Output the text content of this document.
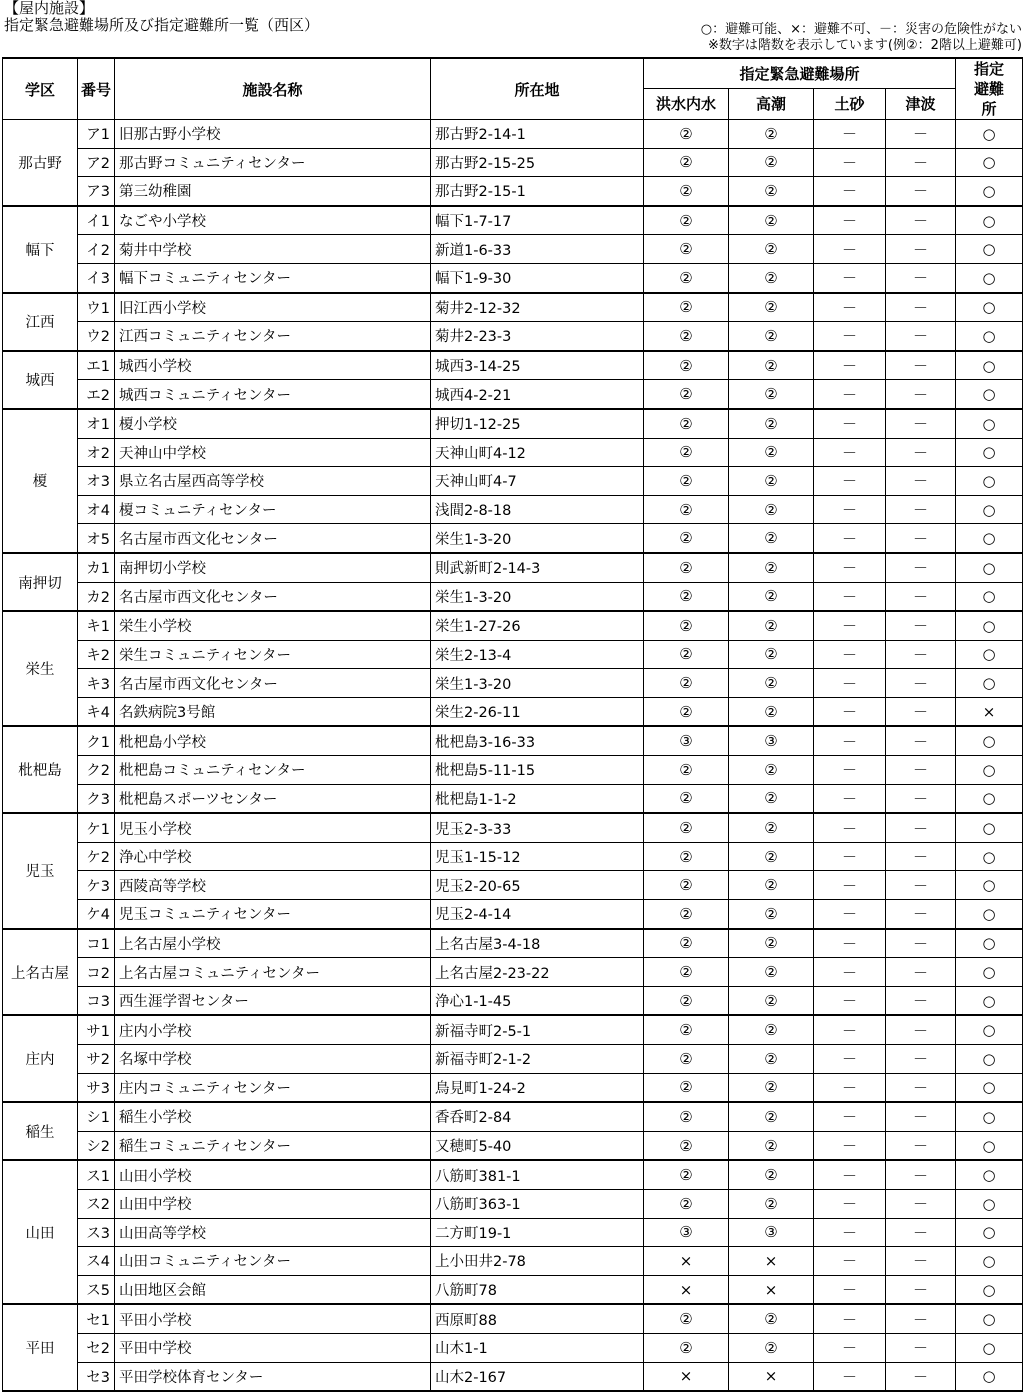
【屋内施設】
指定緊急避難場所及び指定避難所一覧（西区）	○：避難可能、×：避難不可、－：災害の危険性がない
※数字は階数を表示しています(例②：2階以上避難可)
学区	番号	施設名称	所在地	指定緊急避難場所				指定避難所
				洪水内水	高潮	土砂	津波	
那古野	ア1	旧那古野小学校	那古野2-14-1	②	②	－	－	○
	ア2	那古野コミュニティセンター	那古野2-15-25	②	②	－	－	○
	ア3	第三幼稚園	那古野2-15-1	②	②	－	－	○
幅下	イ1	なごや小学校	幅下1-7-17	②	②	－	－	○
	イ2	菊井中学校	新道1-6-33	②	②	－	－	○
	イ3	幅下コミュニティセンター	幅下1-9-30	②	②	－	－	○
江西	ウ1	旧江西小学校	菊井2-12-32	②	②	－	－	○
	ウ2	江西コミュニティセンター	菊井2-23-3	②	②	－	－	○
城西	エ1	城西小学校	城西3-14-25	②	②	－	－	○
	エ2	城西コミュニティセンター	城西4-2-21	②	②	－	－	○
榎	オ1	榎小学校	押切1-12-25	②	②	－	－	○
	オ2	天神山中学校	天神山町4-12	②	②	－	－	○
	オ3	県立名古屋西高等学校	天神山町4-7	②	②	－	－	○
	オ4	榎コミュニティセンター	浅間2-8-18	②	②	－	－	○
	オ5	名古屋市西文化センター	栄生1-3-20	②	②	－	－	○
南押切	カ1	南押切小学校	則武新町2-14-3	②	②	－	－	○
	カ2	名古屋市西文化センター	栄生1-3-20	②	②	－	－	○
栄生	キ1	栄生小学校	栄生1-27-26	②	②	－	－	○
	キ2	栄生コミュニティセンター	栄生2-13-4	②	②	－	－	○
	キ3	名古屋市西文化センター	栄生1-3-20	②	②	－	－	○
	キ4	名鉄病院3号館	栄生2-26-11	②	②	－	－	×
枇杷島	ク1	枇杷島小学校	枇杷島3-16-33	③	③	－	－	○
	ク2	枇杷島コミュニティセンター	枇杷島5-11-15	②	②	－	－	○
	ク3	枇杷島スポーツセンター	枇杷島1-1-2	②	②	－	－	○
児玉	ケ1	児玉小学校	児玉2-3-33	②	②	－	－	○
	ケ2	浄心中学校	児玉1-15-12	②	②	－	－	○
	ケ3	西陵高等学校	児玉2-20-65	②	②	－	－	○
	ケ4	児玉コミュニティセンター	児玉2-4-14	②	②	－	－	○
上名古屋	コ1	上名古屋小学校	上名古屋3-4-18	②	②	－	－	○
	コ2	上名古屋コミュニティセンター	上名古屋2-23-22	②	②	－	－	○
	コ3	西生涯学習センター	浄心1-1-45	②	②	－	－	○
庄内	サ1	庄内小学校	新福寺町2-5-1	②	②	－	－	○
	サ2	名塚中学校	新福寺町2-1-2	②	②	－	－	○
	サ3	庄内コミュニティセンター	鳥見町1-24-2	②	②	－	－	○
稲生	シ1	稲生小学校	香呑町2-84	②	②	－	－	○
	シ2	稲生コミュニティセンター	又穂町5-40	②	②	－	－	○
山田	ス1	山田小学校	八筋町381-1	②	②	－	－	○
	ス2	山田中学校	八筋町363-1	②	②	－	－	○
	ス3	山田高等学校	二方町19-1	③	③	－	－	○
	ス4	山田コミュニティセンター	上小田井2-78	×	×	－	－	○
	ス5	山田地区会館	八筋町78	×	×	－	－	○
平田	セ1	平田小学校	西原町88	②	②	－	－	○
	セ2	平田中学校	山木1-1	②	②	－	－	○
	セ3	平田学校体育センター	山木2-167	×	×	－	－	○
